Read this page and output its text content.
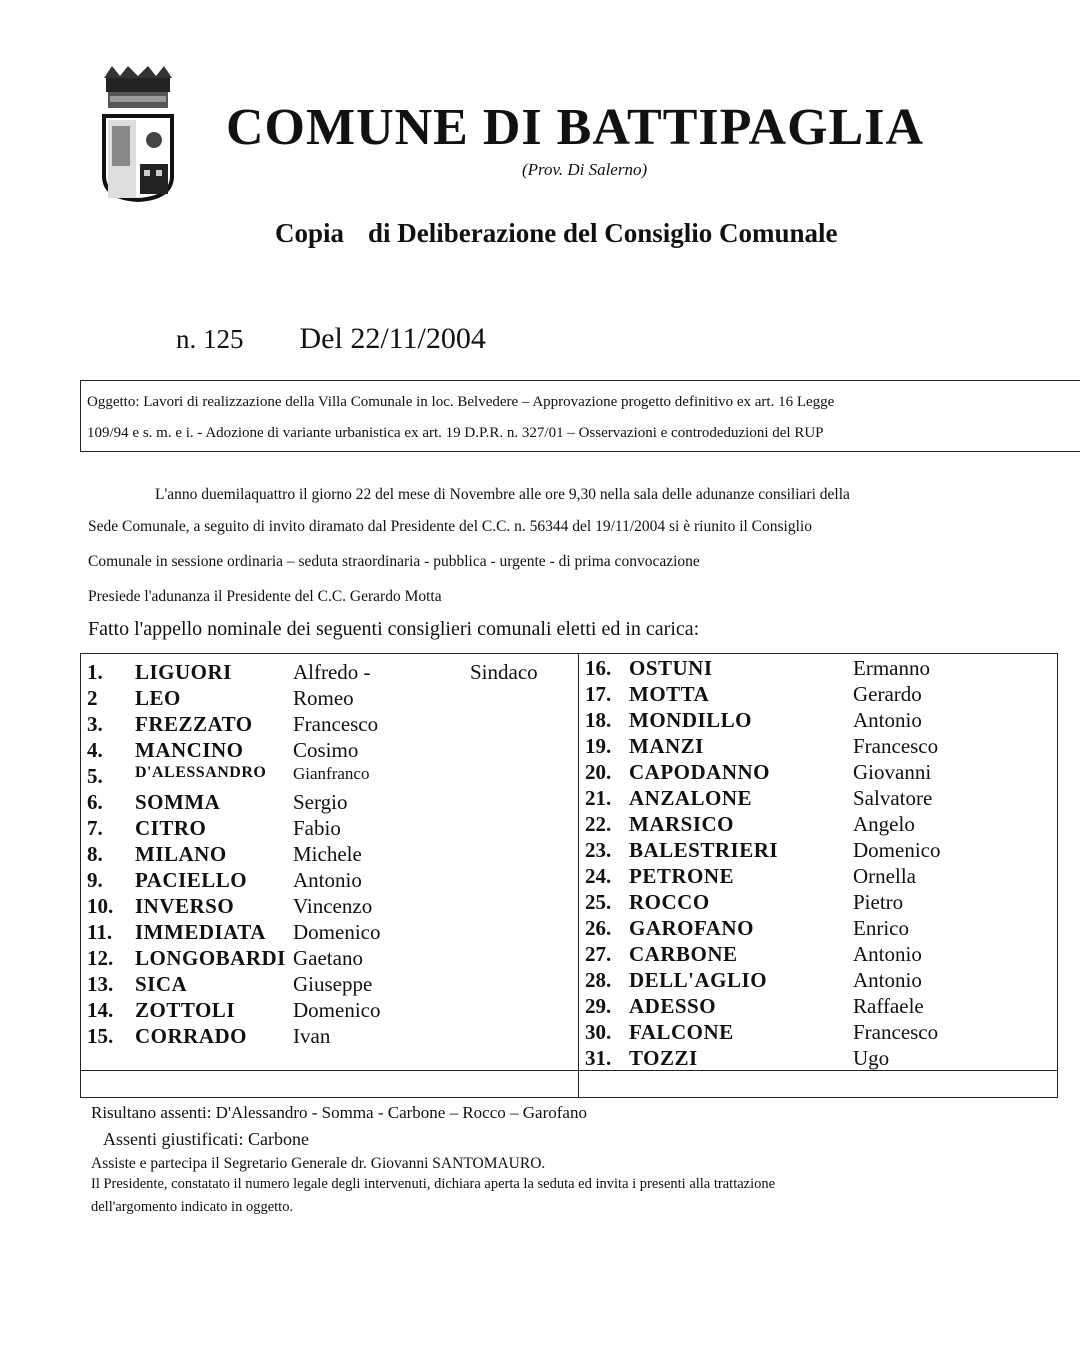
COMUNE DI BATTIPAGLIA
(Prov. Di Salerno)
Copia di Deliberazione del Consiglio Comunale
n. 125 Del 22/11/2004
Oggetto: Lavori di realizzazione della Villa Comunale in loc. Belvedere – Approvazione progetto definitivo ex art. 16 Legge
109/94 e s. m. e i. - Adozione di variante urbanistica ex art. 19 D.P.R. n. 327/01 – Osservazioni e controdeduzioni del RUP
L'anno duemilaquattro il giorno 22 del mese di Novembre alle ore 9,30 nella sala delle adunanze consiliari della
Sede Comunale, a seguito di invito diramato dal Presidente del C.C. n. 56344 del 19/11/2004 si è riunito il Consiglio
Comunale in sessione ordinaria – seduta straordinaria - pubblica - urgente - di prima convocazione
Presiede l'adunanza il Presidente del C.C. Gerardo Motta
Fatto l'appello nominale dei seguenti consiglieri comunali eletti ed in carica:
1. LIGUORI	Alfredo -	Sindaco
2 LEO	Romeo
3. FREZZATO Francesco
4. MANCINO Cosimo
5. D'ALESSANDRO Gianfranco
6. SOMMA	Sergio
7. CITRO	Fabio
8. MILANO	Michele
9. PACIELLO Antonio
10. INVERSO	Vincenzo
11. IMMEDIATA Domenico
12. LONGOBARDI Gaetano
13. SICA	Giuseppe
14. ZOTTOLI	Domenico
15. CORRADO Ivan
16. OSTUNI	Ermanno
17. MOTTA	Gerardo
18. MONDILLO	Antonio
19. MANZI	Francesco
20. CAPODANNO	Giovanni
21. ANZALONE	Salvatore
22. MARSICO	Angelo
23. BALESTRIERI	Domenico
24. PETRONE	Ornella
25. ROCCO	Pietro
26. GAROFANO	Enrico
27. CARBONE	Antonio
28. DELL'AGLIO	Antonio
29. ADESSO	Raffaele
30. FALCONE	Francesco
31. TOZZI	Ugo
Risultano assenti: D'Alessandro - Somma - Carbone – Rocco – Garofano
Assenti giustificati: Carbone
Assiste e partecipa il Segretario Generale dr. Giovanni SANTOMAURO.
Il Presidente, constatato il numero legale degli intervenuti, dichiara aperta la seduta ed invita i presenti alla trattazione
dell'argomento indicato in oggetto.
